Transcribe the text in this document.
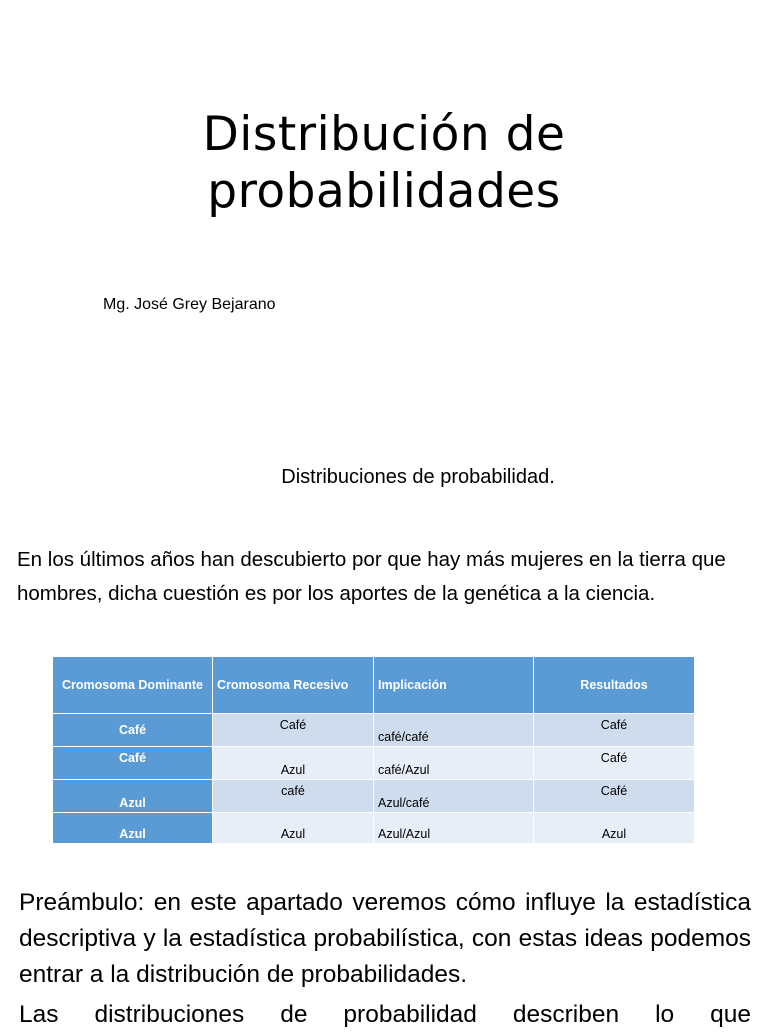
Distribución de
probabilidades
Mg. José Grey Bejarano
Distribuciones de probabilidad.
En los últimos años han descubierto por que hay más mujeres en la tierra que hombres, dicha cuestión es por los aportes de la genética a la ciencia.
Cromosoma Dominante	Cromosoma Recesivo	Implicación	Resultados
Café	Café	café/café	Café
Café	Azul	café/Azul	Café
Azul	café	Azul/café	Café
Azul	Azul	Azul/Azul	Azul

Preámbulo: en este apartado veremos cómo influye la estadística descriptiva y la estadística probabilística, con estas ideas podemos entrar a la distribución de probabilidades.

Las distribuciones de probabilidad describen lo que
